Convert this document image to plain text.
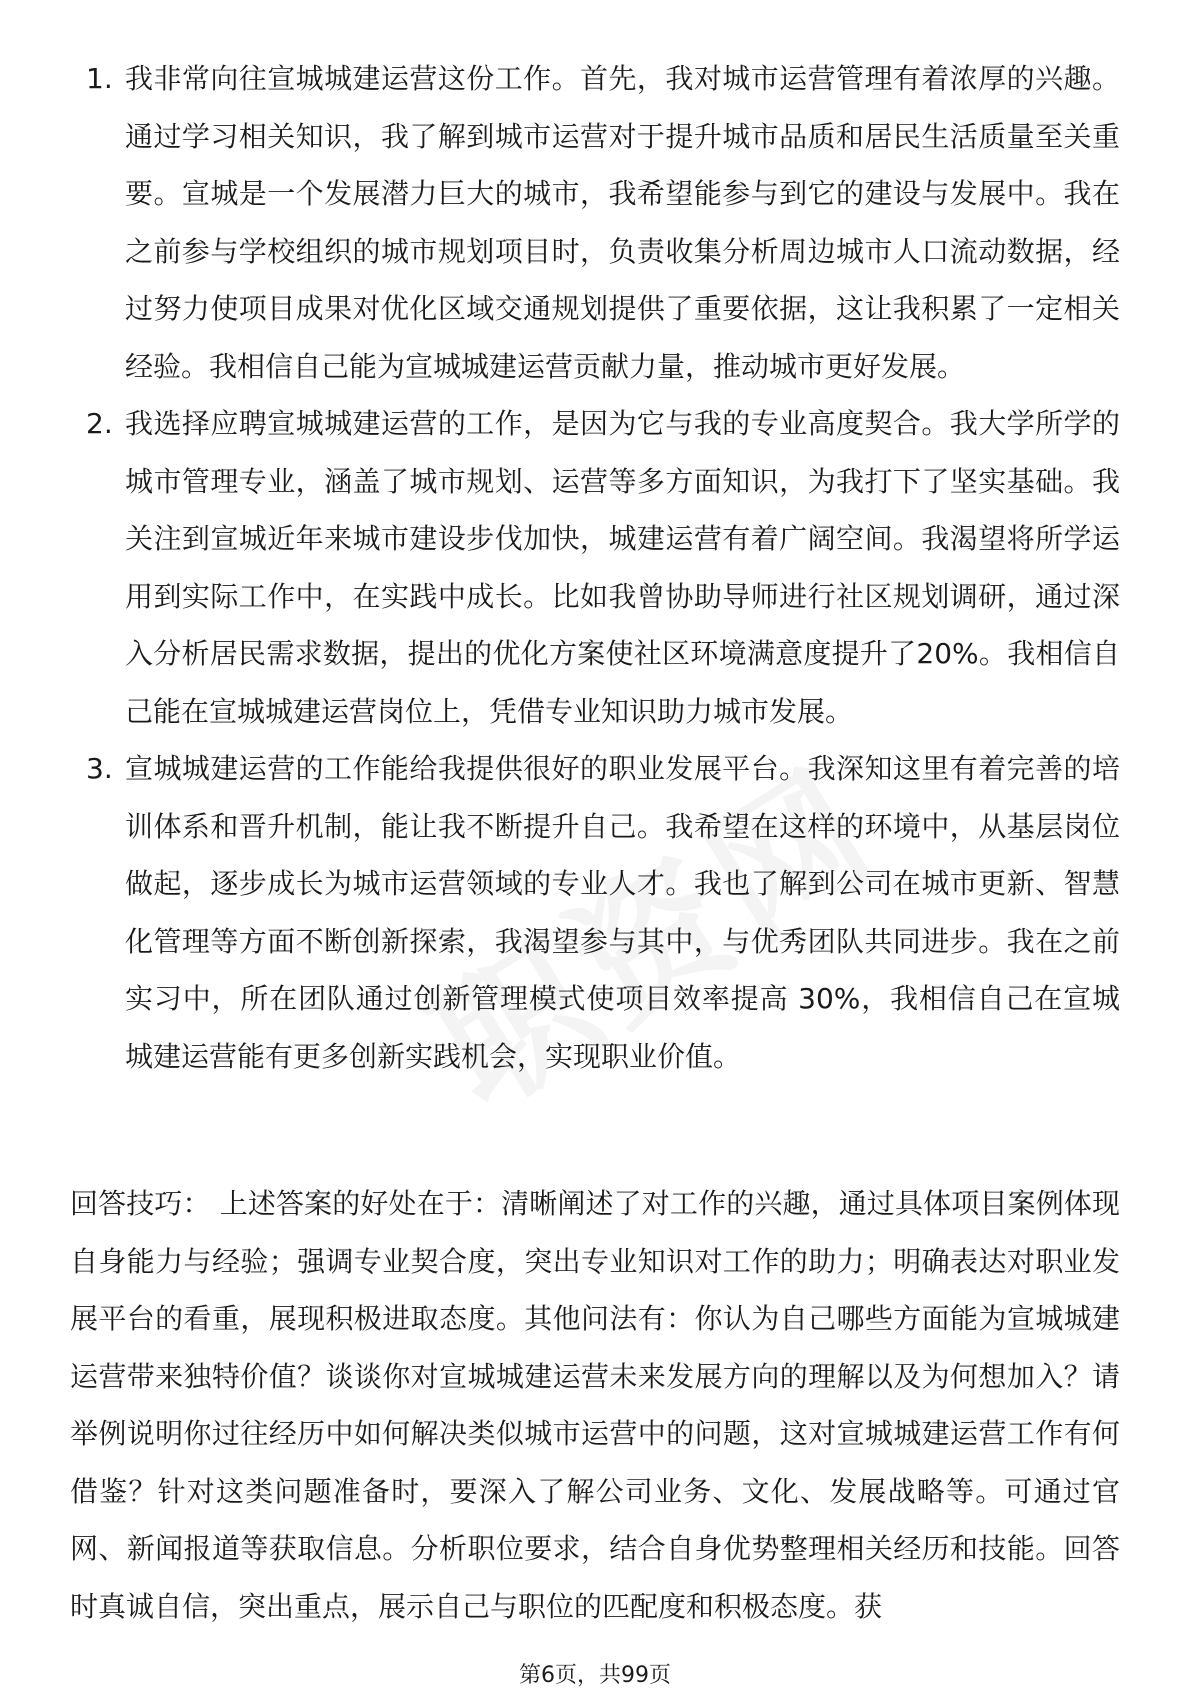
1. 我非常向往宣城城建运营这份工作。首先，我对城市运营管理有着浓厚的兴趣。通过学习相关知识，我了解到城市运营对于提升城市品质和居民生活质量至关重要。宣城是一个发展潜力巨大的城市，我希望能参与到它的建设与发展中。我在之前参与学校组织的城市规划项目时，负责收集分析周边城市人口流动数据，经过努力使项目成果对优化区域交通规划提供了重要依据，这让我积累了一定相关经验。我相信自己能为宣城城建运营贡献力量，推动城市更好发展。
2. 我选择应聘宣城城建运营的工作，是因为它与我的专业高度契合。我大学所学的城市管理专业，涵盖了城市规划、运营等多方面知识，为我打下了坚实基础。我关注到宣城近年来城市建设步伐加快，城建运营有着广阔空间。我渴望将所学运用到实际工作中，在实践中成长。比如我曾协助导师进行社区规划调研，通过深入分析居民需求数据，提出的优化方案使社区环境满意度提升了20%。我相信自己能在宣城城建运营岗位上，凭借专业知识助力城市发展。
3. 宣城城建运营的工作能给我提供很好的职业发展平台。我深知这里有着完善的培训体系和晋升机制，能让我不断提升自己。我希望在这样的环境中，从基层岗位做起，逐步成长为城市运营领域的专业人才。我也了解到公司在城市更新、智慧化管理等方面不断创新探索，我渴望参与其中，与优秀团队共同进步。我在之前实习中，所在团队通过创新管理模式使项目效率提高 30%，我相信自己在宣城城建运营能有更多创新实践机会，实现职业价值。

回答技巧： 上述答案的好处在于：清晰阐述了对工作的兴趣，通过具体项目案例体现自身能力与经验；强调专业契合度，突出专业知识对工作的助力；明确表达对职业发展平台的看重，展现积极进取态度。其他问法有：你认为自己哪些方面能为宣城城建运营带来独特价值？谈谈你对宣城城建运营未来发展方向的理解以及为何想加入？请举例说明你过往经历中如何解决类似城市运营中的问题，这对宣城城建运营工作有何借鉴？针对这类问题准备时，要深入了解公司业务、文化、发展战略等。可通过官网、新闻报道等获取信息。分析职位要求，结合自身优势整理相关经历和技能。回答时真诚自信，突出重点，展示自己与职位的匹配度和积极态度。获

第6页，共99页
